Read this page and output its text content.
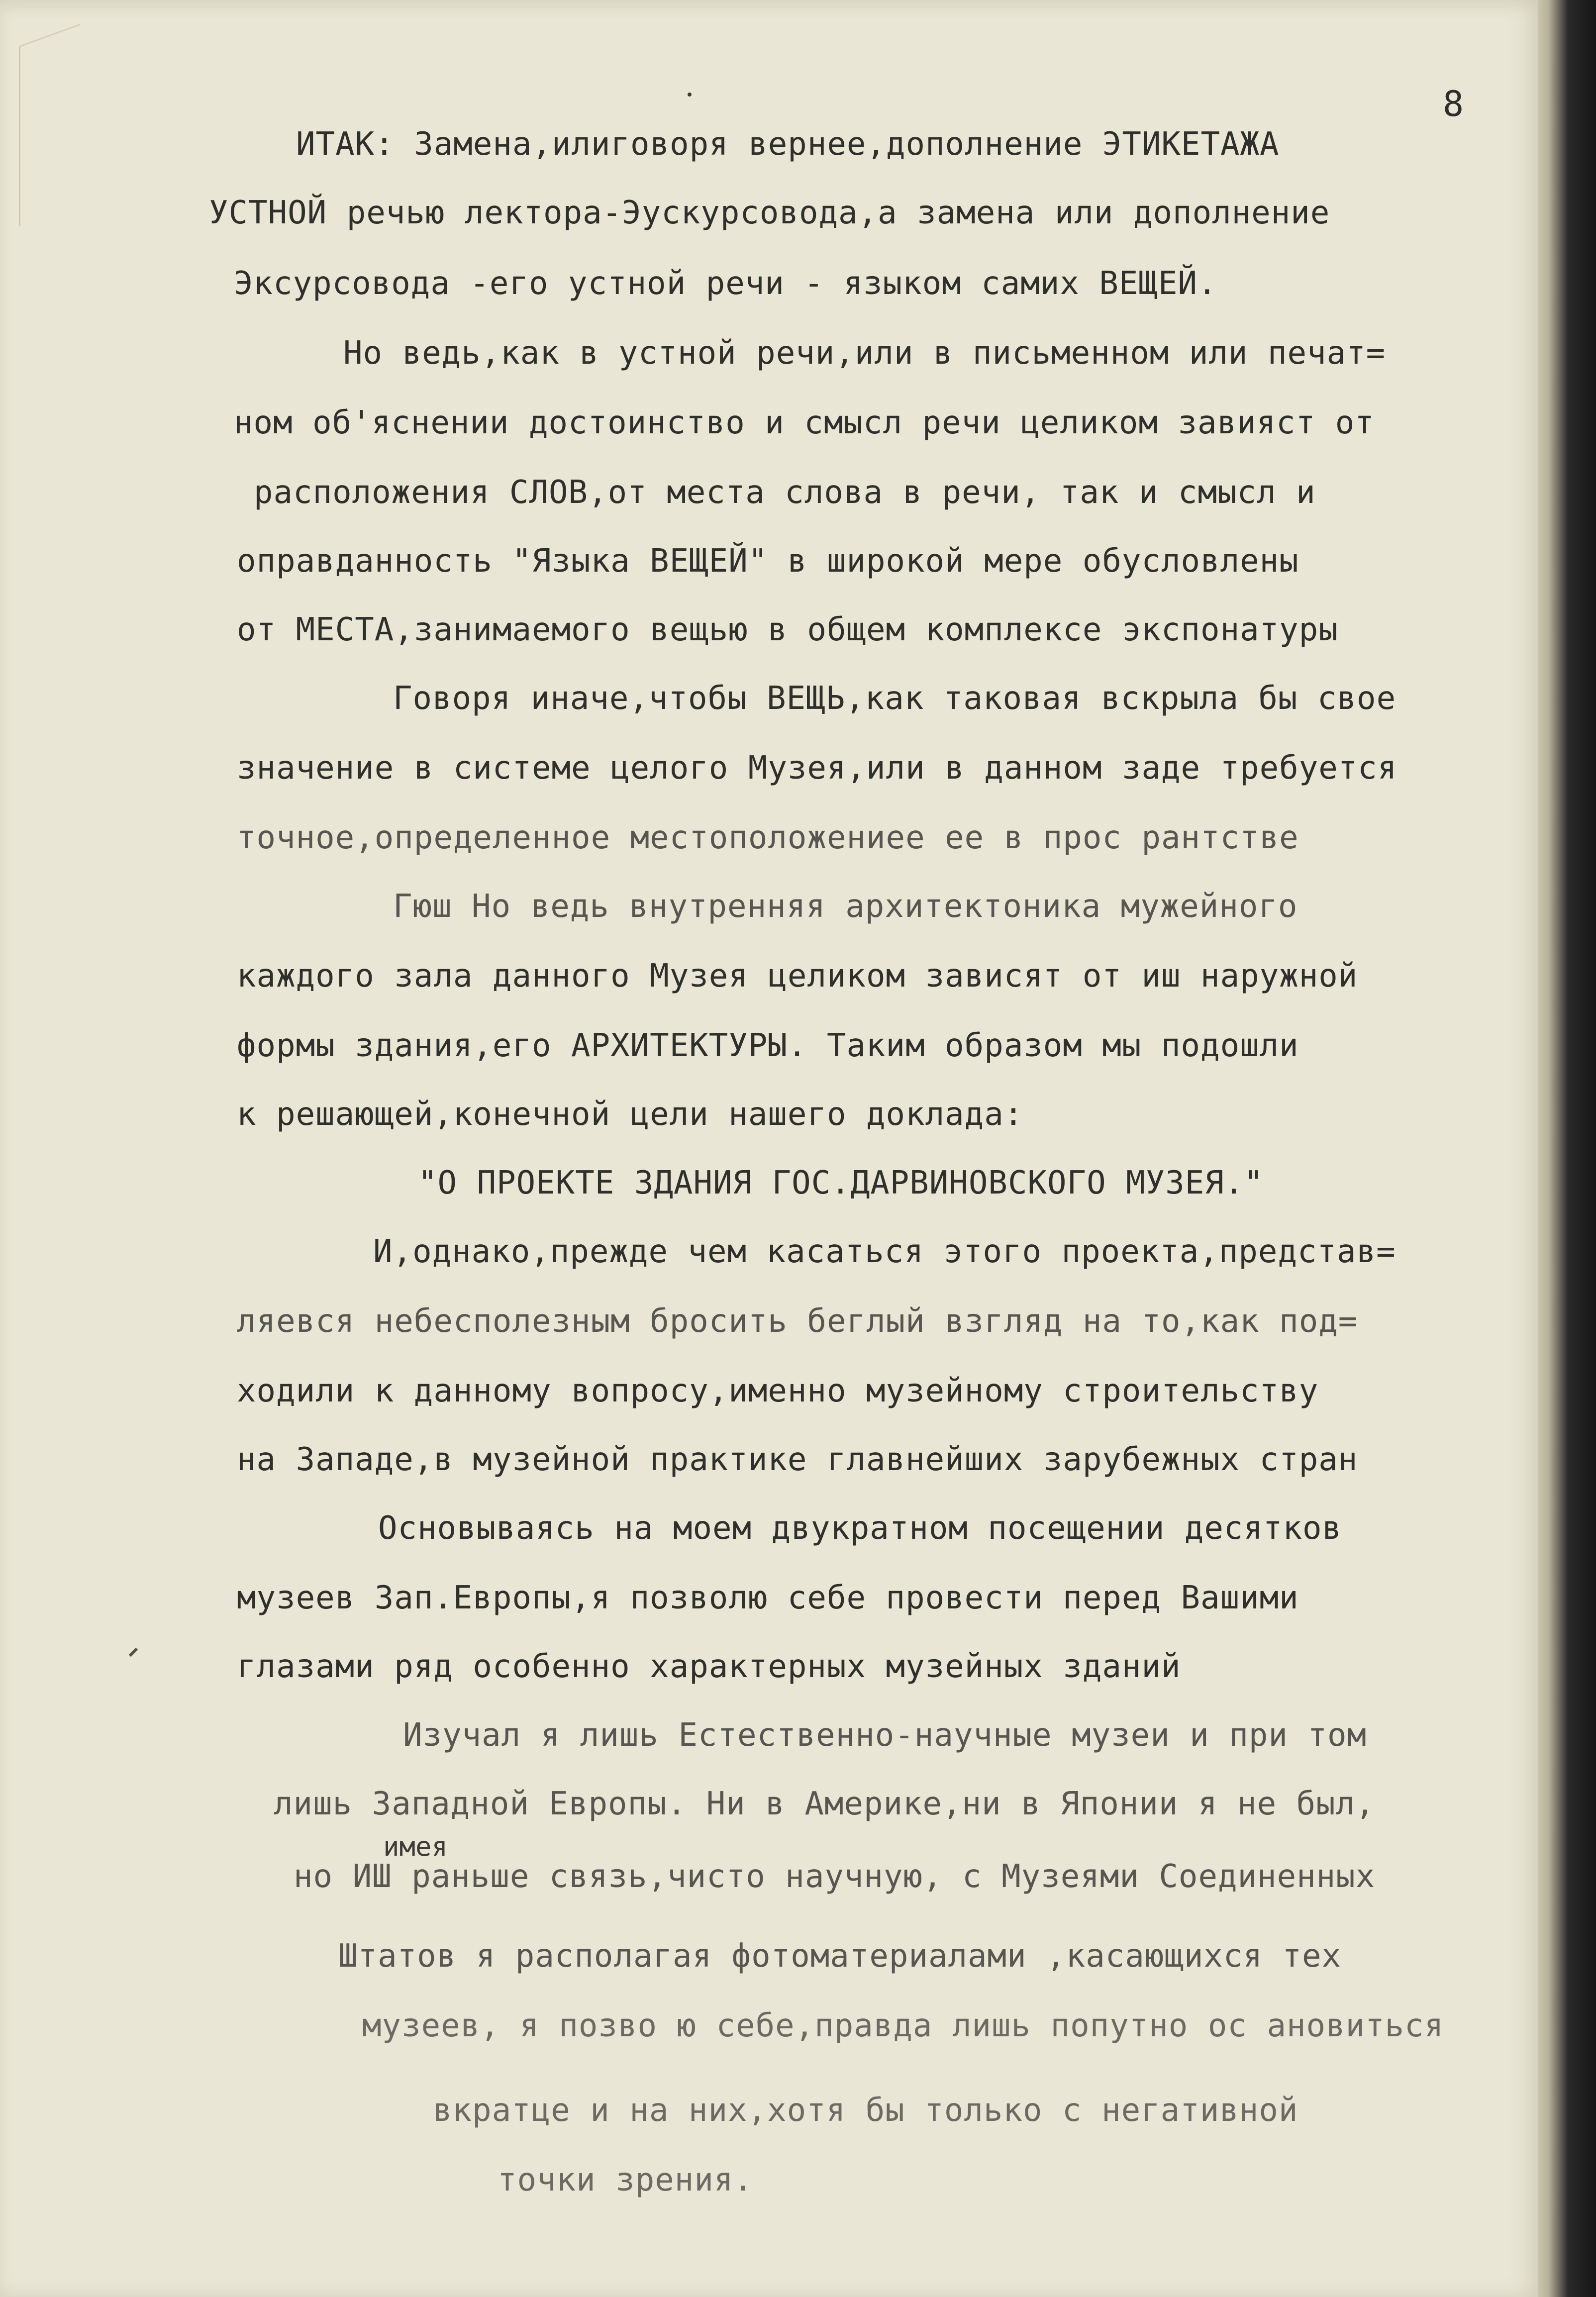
8
ИТАК: Замена,илиговоря вернее,дополнение ЭТИКЕТАЖА
УСТНОЙ речью лектора-Эускурсовода,а замена или дополнение
Эксурсовода -его устной речи - языком самих ВЕЩЕЙ.
Но ведь,как в устной речи,или в письменном или печат=
ном об'яснении достоинство и смысл речи целиком завияст от
расположения СЛОВ,от места слова в речи, так и смысл и
оправданность "Языка ВЕЩЕЙ" в широкой мере обусловлены
от МЕСТА,занимаемого вещью в общем комплексе экспонатуры
Говоря иначе,чтобы ВЕЩЬ,как таковая вскрыла бы свое
значение в системе целого Музея,или в данном заде требуется
точное,определенное местоположениее ее в прос рантстве
Гюш Но ведь внутренняя архитектоника мужейного
каждого зала данного Музея целиком зависят от иш наружной
формы здания,его АРХИТЕКТУРЫ. Таким образом мы подошли
к решающей,конечной цели нашего доклада:
"О ПРОЕКТЕ ЗДАНИЯ ГОС.ДАРВИНОВСКОГО МУЗЕЯ."
И,однако,прежде чем касаться этого проекта,представ=
ляевся небесполезным бросить беглый взгляд на то,как под=
ходили к данному вопросу,именно музейному строительству
на Западе,в музейной практике главнейших зарубежных стран
Основываясь на моем двукратном посещении десятков
музеев Зап.Европы,я позволю себе провести перед Вашими
глазами ряд особенно характерных музейных зданий
Изучал я лишь Естественно-научные музеи и при том
лишь Западной Европы. Ни в Америке,ни в Японии я не был,
имея
но ИШ раньше связь,чисто научную, с Музеями Соединенных
Штатов я располагая фотоматериалами ,касающихся тех
музеев, я позво ю себе,правда лишь попутно ос ановиться
вкратце и на них,хотя бы только с негативной
точки зрения.
